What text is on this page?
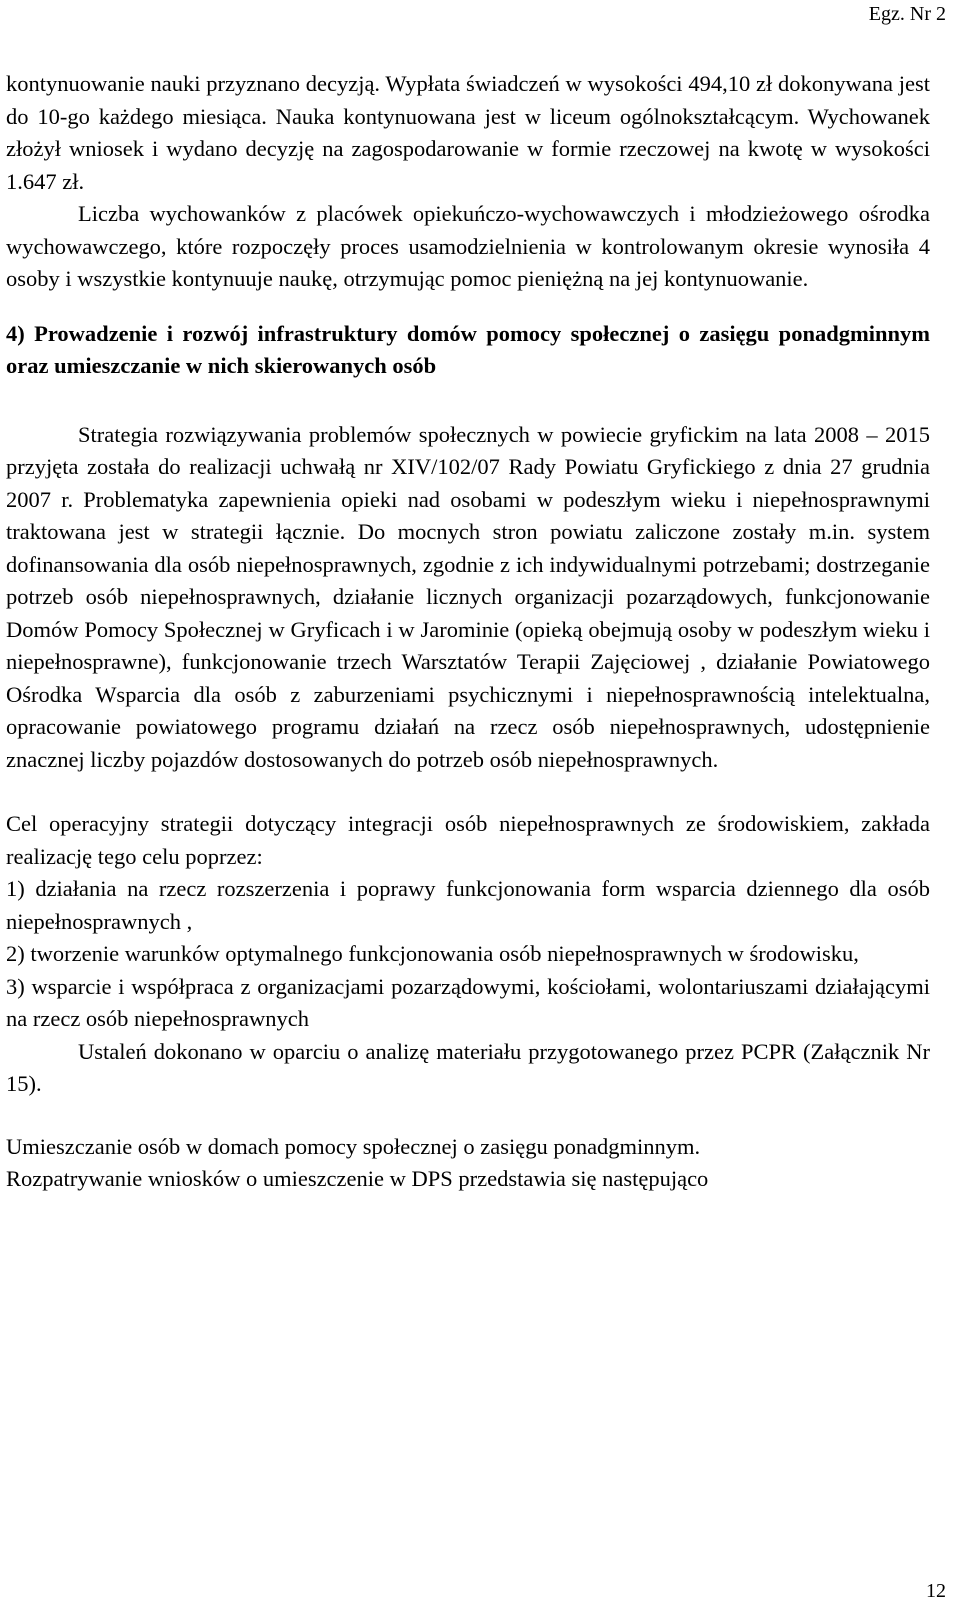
Egz. Nr 2

kontynuowanie nauki przyznano decyzją. Wypłata świadczeń w wysokości 494,10 zł dokonywana jest do 10-go każdego miesiąca. Nauka kontynuowana jest w liceum ogólnokształcącym. Wychowanek złożył wniosek i wydano decyzję na zagospodarowanie w formie rzeczowej na kwotę w wysokości 1.647 zł.

Liczba wychowanków z placówek opiekuńczo-wychowawczych i młodzieżowego ośrodka wychowawczego, które rozpoczęły proces usamodzielnienia w kontrolowanym okresie wynosiła 4 osoby i wszystkie kontynuuje naukę, otrzymując pomoc pieniężną na jej kontynuowanie.

4) Prowadzenie i rozwój infrastruktury domów pomocy społecznej o zasięgu ponadgminnym oraz umieszczanie w nich skierowanych osób

Strategia rozwiązywania problemów społecznych w powiecie gryfickim na lata 2008 – 2015 przyjęta została do realizacji uchwałą nr XIV/102/07 Rady Powiatu Gryfickiego z dnia 27 grudnia 2007 r. Problematyka zapewnienia opieki nad osobami w podeszłym wieku i niepełnosprawnymi traktowana jest w strategii łącznie. Do mocnych stron powiatu zaliczone zostały m.in. system dofinansowania dla osób niepełnosprawnych, zgodnie z ich indywidualnymi potrzebami; dostrzeganie potrzeb osób niepełnosprawnych, działanie licznych organizacji pozarządowych, funkcjonowanie Domów Pomocy Społecznej w Gryficach i w Jarominie (opieką obejmują osoby w podeszłym wieku i niepełnosprawne), funkcjonowanie trzech Warsztatów Terapii Zajęciowej , działanie Powiatowego Ośrodka Wsparcia dla osób z zaburzeniami psychicznymi i niepełnosprawnością intelektualna, opracowanie powiatowego programu działań na rzecz osób niepełnosprawnych, udostępnienie znacznej liczby pojazdów dostosowanych do potrzeb osób niepełnosprawnych.

Cel operacyjny strategii dotyczący integracji osób niepełnosprawnych ze środowiskiem, zakłada realizację tego celu poprzez:

1) działania na rzecz rozszerzenia i poprawy funkcjonowania form wsparcia dziennego dla osób niepełnosprawnych ,

2) tworzenie warunków optymalnego funkcjonowania osób niepełnosprawnych w środowisku,

3) wsparcie i współpraca z organizacjami pozarządowymi, kościołami, wolontariuszami działającymi na rzecz osób niepełnosprawnych

Ustaleń dokonano w oparciu o analizę materiału przygotowanego przez PCPR (Załącznik Nr 15).

Umieszczanie osób w domach pomocy społecznej o zasięgu ponadgminnym.

Rozpatrywanie wniosków o umieszczenie w DPS przedstawia się następująco

12
